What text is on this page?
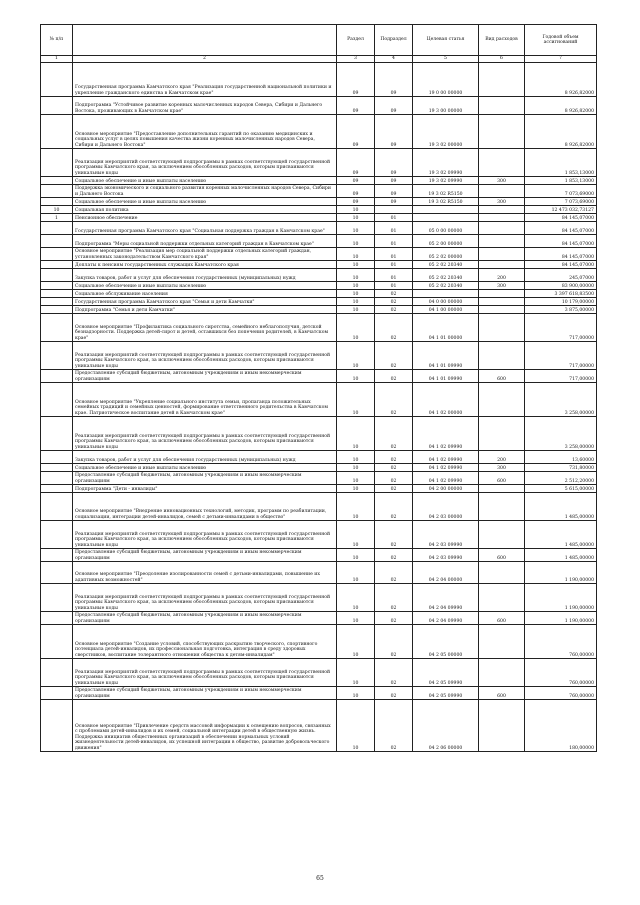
№ п/п		Раздел	Подраздел	Целевая статья	Вид расходов	Годовой объем ассигнований
1	2	3	4	5	6	7
	Государственная программа Камчатского края "Реализация государственной национальной политики и укрепление гражданского единства в Камчатском крае"	09	09	19 0 00 00000		8 926,82000
	Подпрограмма "Устойчивое развитие коренных малочисленных народов Севера, Сибири и Дальнего Востока, проживающих в Камчатском крае"	09	09	19 3 00 00000		8 926,82000
	Основное мероприятие "Предоставление дополнительных гарантий по оказанию медицинских и социальных услуг в целях повышения качества жизни коренных малочисленных народов Севера, Сибири и Дальнего Востока"	09	09	19 3 02 00000		8 926,82000
	Реализация мероприятий соответствующей подпрограммы в рамках соответствующей государственной программы Камчатского края, за исключением обособленных расходов, которым присваиваются уникальные коды	09	09	19 3 02 09990		1 853,13000
	Социальное обеспечение и иные выплаты населению	09	09	19 3 02 09990	300	1 853,13000
	Поддержка экономического и социального развития коренных малочисленных народов Севера, Сибири и Дальнего Востока	09	09	19 3 02 R5150		7 073,69000
	Социальное обеспечение и иные выплаты населению	09	09	19 3 02 R5150	300	7 073,69000
10	Социальная политика	10				12 473 032,73127
1	Пенсионное обеспечение	10	01			84 145,07000
	Государственная программа Камчатского края "Социальная поддержка граждан в Камчатском крае"	10	01	05 0 00 00000		84 145,07000
	Подпрограмма "Меры социальной поддержки отдельных категорий граждан в Камчатском крае"	10	01	05 2 00 00000		84 145,07000
	Основное мероприятие "Реализация мер социальной поддержки отдельных категорий граждан, установленных законодательством Камчатского края"	10	01	05 2 02 00000		84 145,07000
	Доплаты к пенсиям государственных служащих Камчатского края	10	01	05 2 02 20340		84 145,07000
	Закупка товаров, работ и услуг для обеспечения государственных (муниципальных) нужд	10	01	05 2 02 20340	200	245,07000
	Социальное обеспечение и иные выплаты населению	10	01	05 2 02 20340	300	83 900,00000
	Социальное обслуживание населения	10	02			3 397 618,83500
	Государственная программа Камчатского края "Семья и дети Камчатки"	10	02	04 0 00 00000		10 179,00000
	Подпрограмма "Семья и дети Камчатки"	10	02	04 1 00 00000		3 875,00000
	Основное мероприятие "Профилактика социального сиротства, семейного неблагополучия, детской безнадзорности. Поддержка детей-сирот и детей, оставшихся без попечения родителей, в Камчатском крае"	10	02	04 1 01 00000		717,00000
	Реализация мероприятий соответствующей подпрограммы в рамках соответствующей государственной программы Камчатского края, за исключением обособленных расходов, которым присваиваются уникальные коды	10	02	04 1 01 09990		717,00000
	Предоставление субсидий бюджетным, автономным учреждениям и иным некоммерческим организациям	10	02	04 1 01 09990	600	717,00000
	Основное мероприятие "Укрепление социального института семьи, пропаганда положительных семейных традиций и семейных ценностей, формирование ответственного родительства в Камчатском крае. Патриотическое воспитание детей в Камчатском крае"	10	02	04 1 02 00000		3 258,00000
	Реализация мероприятий соответствующей подпрограммы в рамках соответствующей государственной программы Камчатского края, за исключением обособленных расходов, которым присваиваются уникальные коды	10	02	04 1 02 09990		3 258,00000
	Закупка товаров, работ и услуг для обеспечения государственных (муниципальных) нужд	10	02	04 1 02 09990	200	13,60000
	Социальное обеспечение и иные выплаты населению	10	02	04 1 02 09990	300	731,80000
	Предоставление субсидий бюджетным, автономным учреждениям и иным некоммерческим организациям	10	02	04 1 02 09990	600	2 512,20000
	Подпрограмма "Дети - инвалиды"	10	02	04 2 00 00000		5 615,00000
	Основное мероприятие "Внедрение инновационных технологий, методик, программ по реабилитации, социализации, интеграции детей-инвалидов, семей с детьми-инвалидами в общество"	10	02	04 2 03 00000		1 485,00000
	Реализация мероприятий соответствующей подпрограммы в рамках соответствующей государственной программы Камчатского края, за исключением обособленных расходов, которым присваиваются уникальные коды	10	02	04 2 03 09990		1 485,00000
	Предоставление субсидий бюджетным, автономным учреждениям и иным некоммерческим организациям	10	02	04 2 03 09990	600	1 485,00000
	Основное мероприятие "Преодоление изолированности семей с детьми-инвалидами, повышение их адаптивных возможностей"	10	02	04 2 04 00000		1 190,00000
	Реализация мероприятий соответствующей подпрограммы в рамках соответствующей государственной программы Камчатского края, за исключением обособленных расходов, которым присваиваются уникальные коды	10	02	04 2 04 09990		1 190,00000
	Предоставление субсидий бюджетным, автономным учреждениям и иным некоммерческим организациям	10	02	04 2 04 09990	600	1 190,00000
	Основное мероприятие "Создание условий, способствующих раскрытию творческого, спортивного потенциала детей-инвалидов, их профессиональная подготовка, интеграция в среду здоровых сверстников, воспитание толерантного отношения общества к детям-инвалидам"	10	02	04 2 05 00000		760,00000
	Реализация мероприятий соответствующей подпрограммы в рамках соответствующей государственной программы Камчатского края, за исключением обособленных расходов, которым присваиваются уникальные коды	10	02	04 2 05 09990		760,00000
	Предоставление субсидий бюджетным, автономным учреждениям и иным некоммерческим организациям	10	02	04 2 05 09990	600	760,00000
	Основное мероприятие "Привлечение средств массовой информации к освещению вопросов, связанных с проблемами детей-инвалидов и их семей, социальной интеграции детей в общественную жизнь. Поддержка инициатив общественных организаций в обеспечении нормальных условий жизнедеятельности детей-инвалидов, их успешной интеграции в общество, развитие добровольческого движения"	10	02	04 2 06 00000		180,00000
65
